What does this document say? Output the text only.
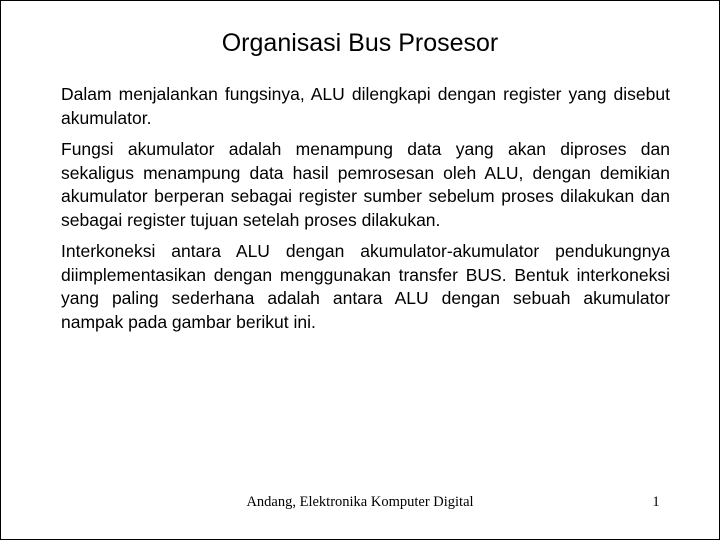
Organisasi Bus Prosesor

Dalam menjalankan fungsinya, ALU dilengkapi dengan register yang disebut akumulator.

Fungsi akumulator adalah menampung data yang akan diproses dan sekaligus menampung data hasil pemrosesan oleh ALU, dengan demikian akumulator berperan sebagai register sumber sebelum proses dilakukan dan sebagai register tujuan setelah proses dilakukan.

Interkoneksi antara ALU dengan akumulator-akumulator pendukungnya diimplementasikan dengan menggunakan transfer BUS. Bentuk interkoneksi yang paling sederhana adalah antara ALU dengan sebuah akumulator nampak pada gambar berikut ini.

Andang, Elektronika Komputer Digital	1
